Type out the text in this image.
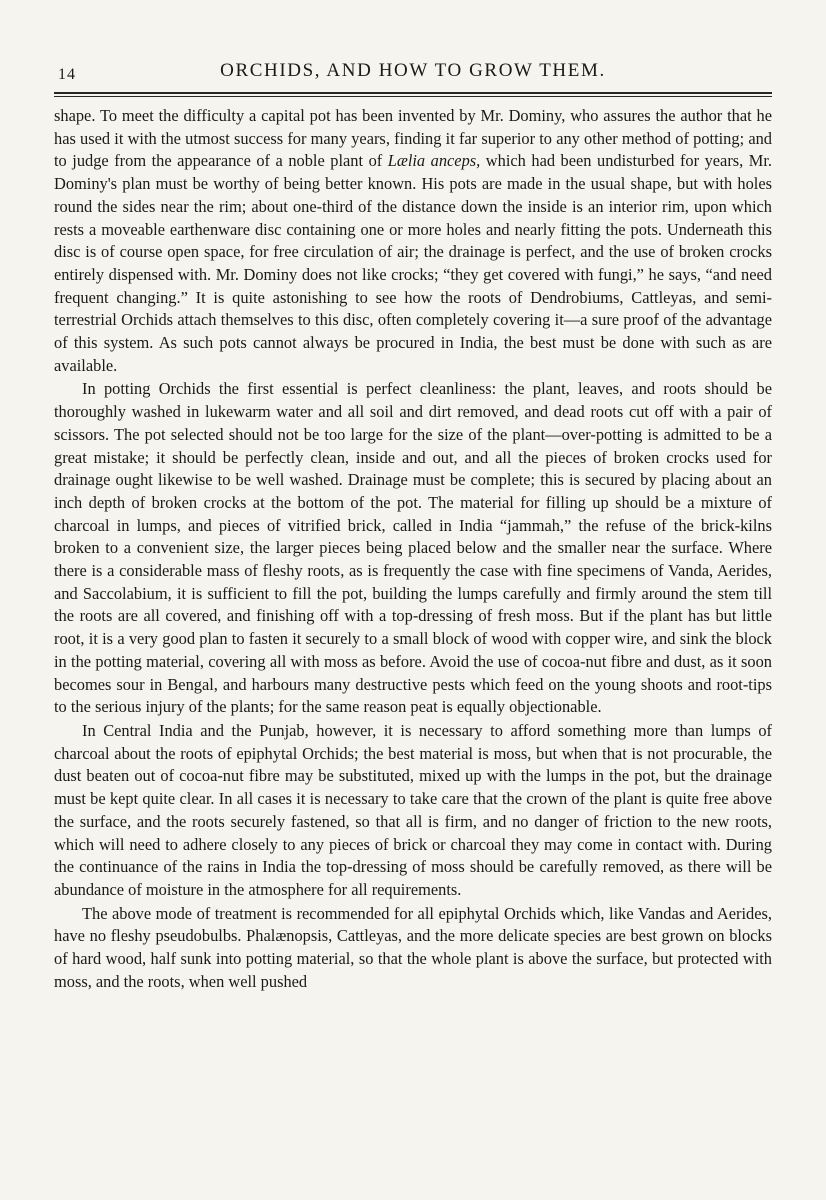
14	ORCHIDS, AND HOW TO GROW THEM.

shape. To meet the difficulty a capital pot has been invented by Mr. Dominy, who assures the author that he has used it with the utmost success for many years, finding it far superior to any other method of potting; and to judge from the appearance of a noble plant of Lælia anceps, which had been undisturbed for years, Mr. Dominy's plan must be worthy of being better known. His pots are made in the usual shape, but with holes round the sides near the rim; about one-third of the distance down the inside is an interior rim, upon which rests a moveable earthenware disc containing one or more holes and nearly fitting the pots. Underneath this disc is of course open space, for free circulation of air; the drainage is perfect, and the use of broken crocks entirely dispensed with. Mr. Dominy does not like crocks; “they get covered with fungi,” he says, “and need frequent changing.” It is quite astonishing to see how the roots of Dendrobiums, Cattleyas, and semi-terrestrial Orchids attach themselves to this disc, often completely covering it—a sure proof of the advantage of this system. As such pots cannot always be procured in India, the best must be done with such as are available.

In potting Orchids the first essential is perfect cleanliness: the plant, leaves, and roots should be thoroughly washed in lukewarm water and all soil and dirt removed, and dead roots cut off with a pair of scissors. The pot selected should not be too large for the size of the plant—over-potting is admitted to be a great mistake; it should be perfectly clean, inside and out, and all the pieces of broken crocks used for drainage ought likewise to be well washed. Drainage must be complete; this is secured by placing about an inch depth of broken crocks at the bottom of the pot. The material for filling up should be a mixture of charcoal in lumps, and pieces of vitrified brick, called in India “jammah,” the refuse of the brick-kilns broken to a convenient size, the larger pieces being placed below and the smaller near the surface. Where there is a considerable mass of fleshy roots, as is frequently the case with fine specimens of Vanda, Aerides, and Saccolabium, it is sufficient to fill the pot, building the lumps carefully and firmly around the stem till the roots are all covered, and finishing off with a top-dressing of fresh moss. But if the plant has but little root, it is a very good plan to fasten it securely to a small block of wood with copper wire, and sink the block in the potting material, covering all with moss as before. Avoid the use of cocoa-nut fibre and dust, as it soon becomes sour in Bengal, and harbours many destructive pests which feed on the young shoots and root-tips to the serious injury of the plants; for the same reason peat is equally objectionable.

In Central India and the Punjab, however, it is necessary to afford something more than lumps of charcoal about the roots of epiphytal Orchids; the best material is moss, but when that is not procurable, the dust beaten out of cocoa-nut fibre may be substituted, mixed up with the lumps in the pot, but the drainage must be kept quite clear. In all cases it is necessary to take care that the crown of the plant is quite free above the surface, and the roots securely fastened, so that all is firm, and no danger of friction to the new roots, which will need to adhere closely to any pieces of brick or charcoal they may come in contact with. During the continuance of the rains in India the top-dressing of moss should be carefully removed, as there will be abundance of moisture in the atmosphere for all requirements.

The above mode of treatment is recommended for all epiphytal Orchids which, like Vandas and Aerides, have no fleshy pseudobulbs. Phalænopsis, Cattleyas, and the more delicate species are best grown on blocks of hard wood, half sunk into potting material, so that the whole plant is above the surface, but protected with moss, and the roots, when well pushed
